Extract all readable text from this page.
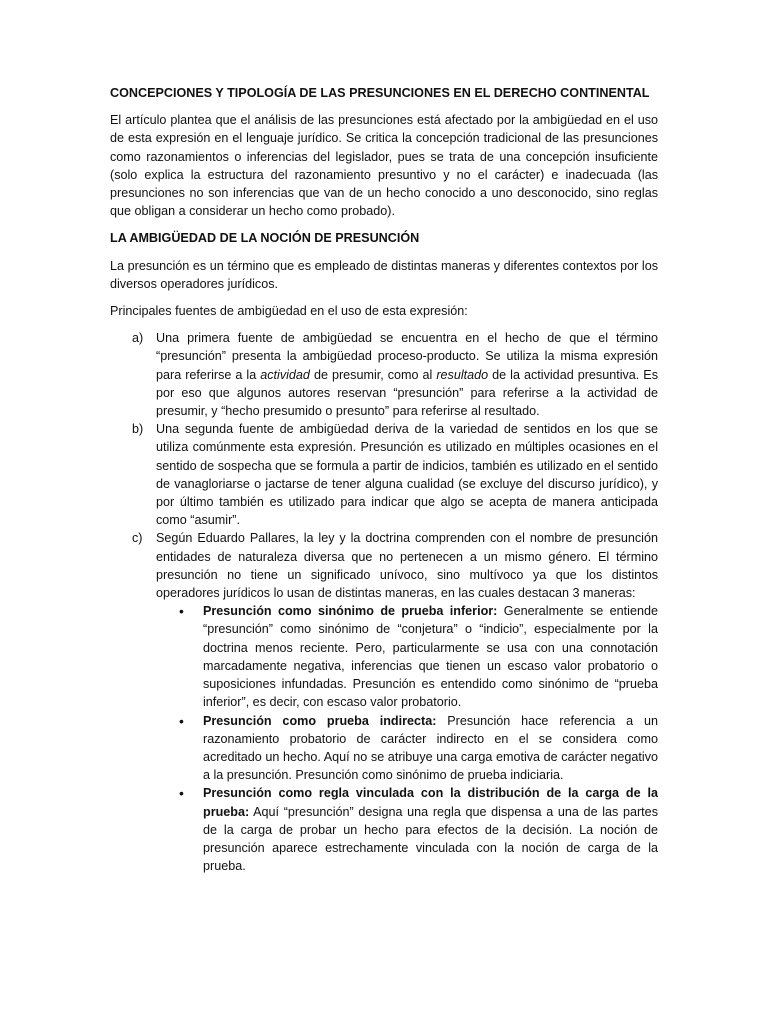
CONCEPCIONES Y TIPOLOGÍA DE LAS PRESUNCIONES EN EL DERECHO CONTINENTAL

El artículo plantea que el análisis de las presunciones está afectado por la ambigüedad en el uso de esta expresión en el lenguaje jurídico. Se critica la concepción tradicional de las presunciones como razonamientos o inferencias del legislador, pues se trata de una concepción insuficiente (solo explica la estructura del razonamiento presuntivo y no el carácter) e inadecuada (las presunciones no son inferencias que van de un hecho conocido a uno desconocido, sino reglas que obligan a considerar un hecho como probado).

LA AMBIGÜEDAD DE LA NOCIÓN DE PRESUNCIÓN

La presunción es un término que es empleado de distintas maneras y diferentes contextos por los diversos operadores jurídicos.

Principales fuentes de ambigüedad en el uso de esta expresión:

a) Una primera fuente de ambigüedad se encuentra en el hecho de que el término “presunción” presenta la ambigüedad proceso-producto. Se utiliza la misma expresión para referirse a la actividad de presumir, como al resultado de la actividad presuntiva. Es por eso que algunos autores reservan “presunción” para referirse a la actividad de presumir, y “hecho presumido o presunto” para referirse al resultado.
b) Una segunda fuente de ambigüedad deriva de la variedad de sentidos en los que se utiliza comúnmente esta expresión. Presunción es utilizado en múltiples ocasiones en el sentido de sospecha que se formula a partir de indicios, también es utilizado en el sentido de vanagloriarse o jactarse de tener alguna cualidad (se excluye del discurso jurídico), y por último también es utilizado para indicar que algo se acepta de manera anticipada como “asumir”.
c) Según Eduardo Pallares, la ley y la doctrina comprenden con el nombre de presunción entidades de naturaleza diversa que no pertenecen a un mismo género. El término presunción no tiene un significado unívoco, sino multívoco ya que los distintos operadores jurídicos lo usan de distintas maneras, en las cuales destacan 3 maneras:
• Presunción como sinónimo de prueba inferior: Generalmente se entiende “presunción” como sinónimo de “conjetura” o “indicio”, especialmente por la doctrina menos reciente. Pero, particularmente se usa con una connotación marcadamente negativa, inferencias que tienen un escaso valor probatorio o suposiciones infundadas. Presunción es entendido como sinónimo de “prueba inferior”, es decir, con escaso valor probatorio.
• Presunción como prueba indirecta: Presunción hace referencia a un razonamiento probatorio de carácter indirecto en el se considera como acreditado un hecho. Aquí no se atribuye una carga emotiva de carácter negativo a la presunción. Presunción como sinónimo de prueba indiciaria.
• Presunción como regla vinculada con la distribución de la carga de la prueba: Aquí “presunción” designa una regla que dispensa a una de las partes de la carga de probar un hecho para efectos de la decisión. La noción de presunción aparece estrechamente vinculada con la noción de carga de la prueba.
